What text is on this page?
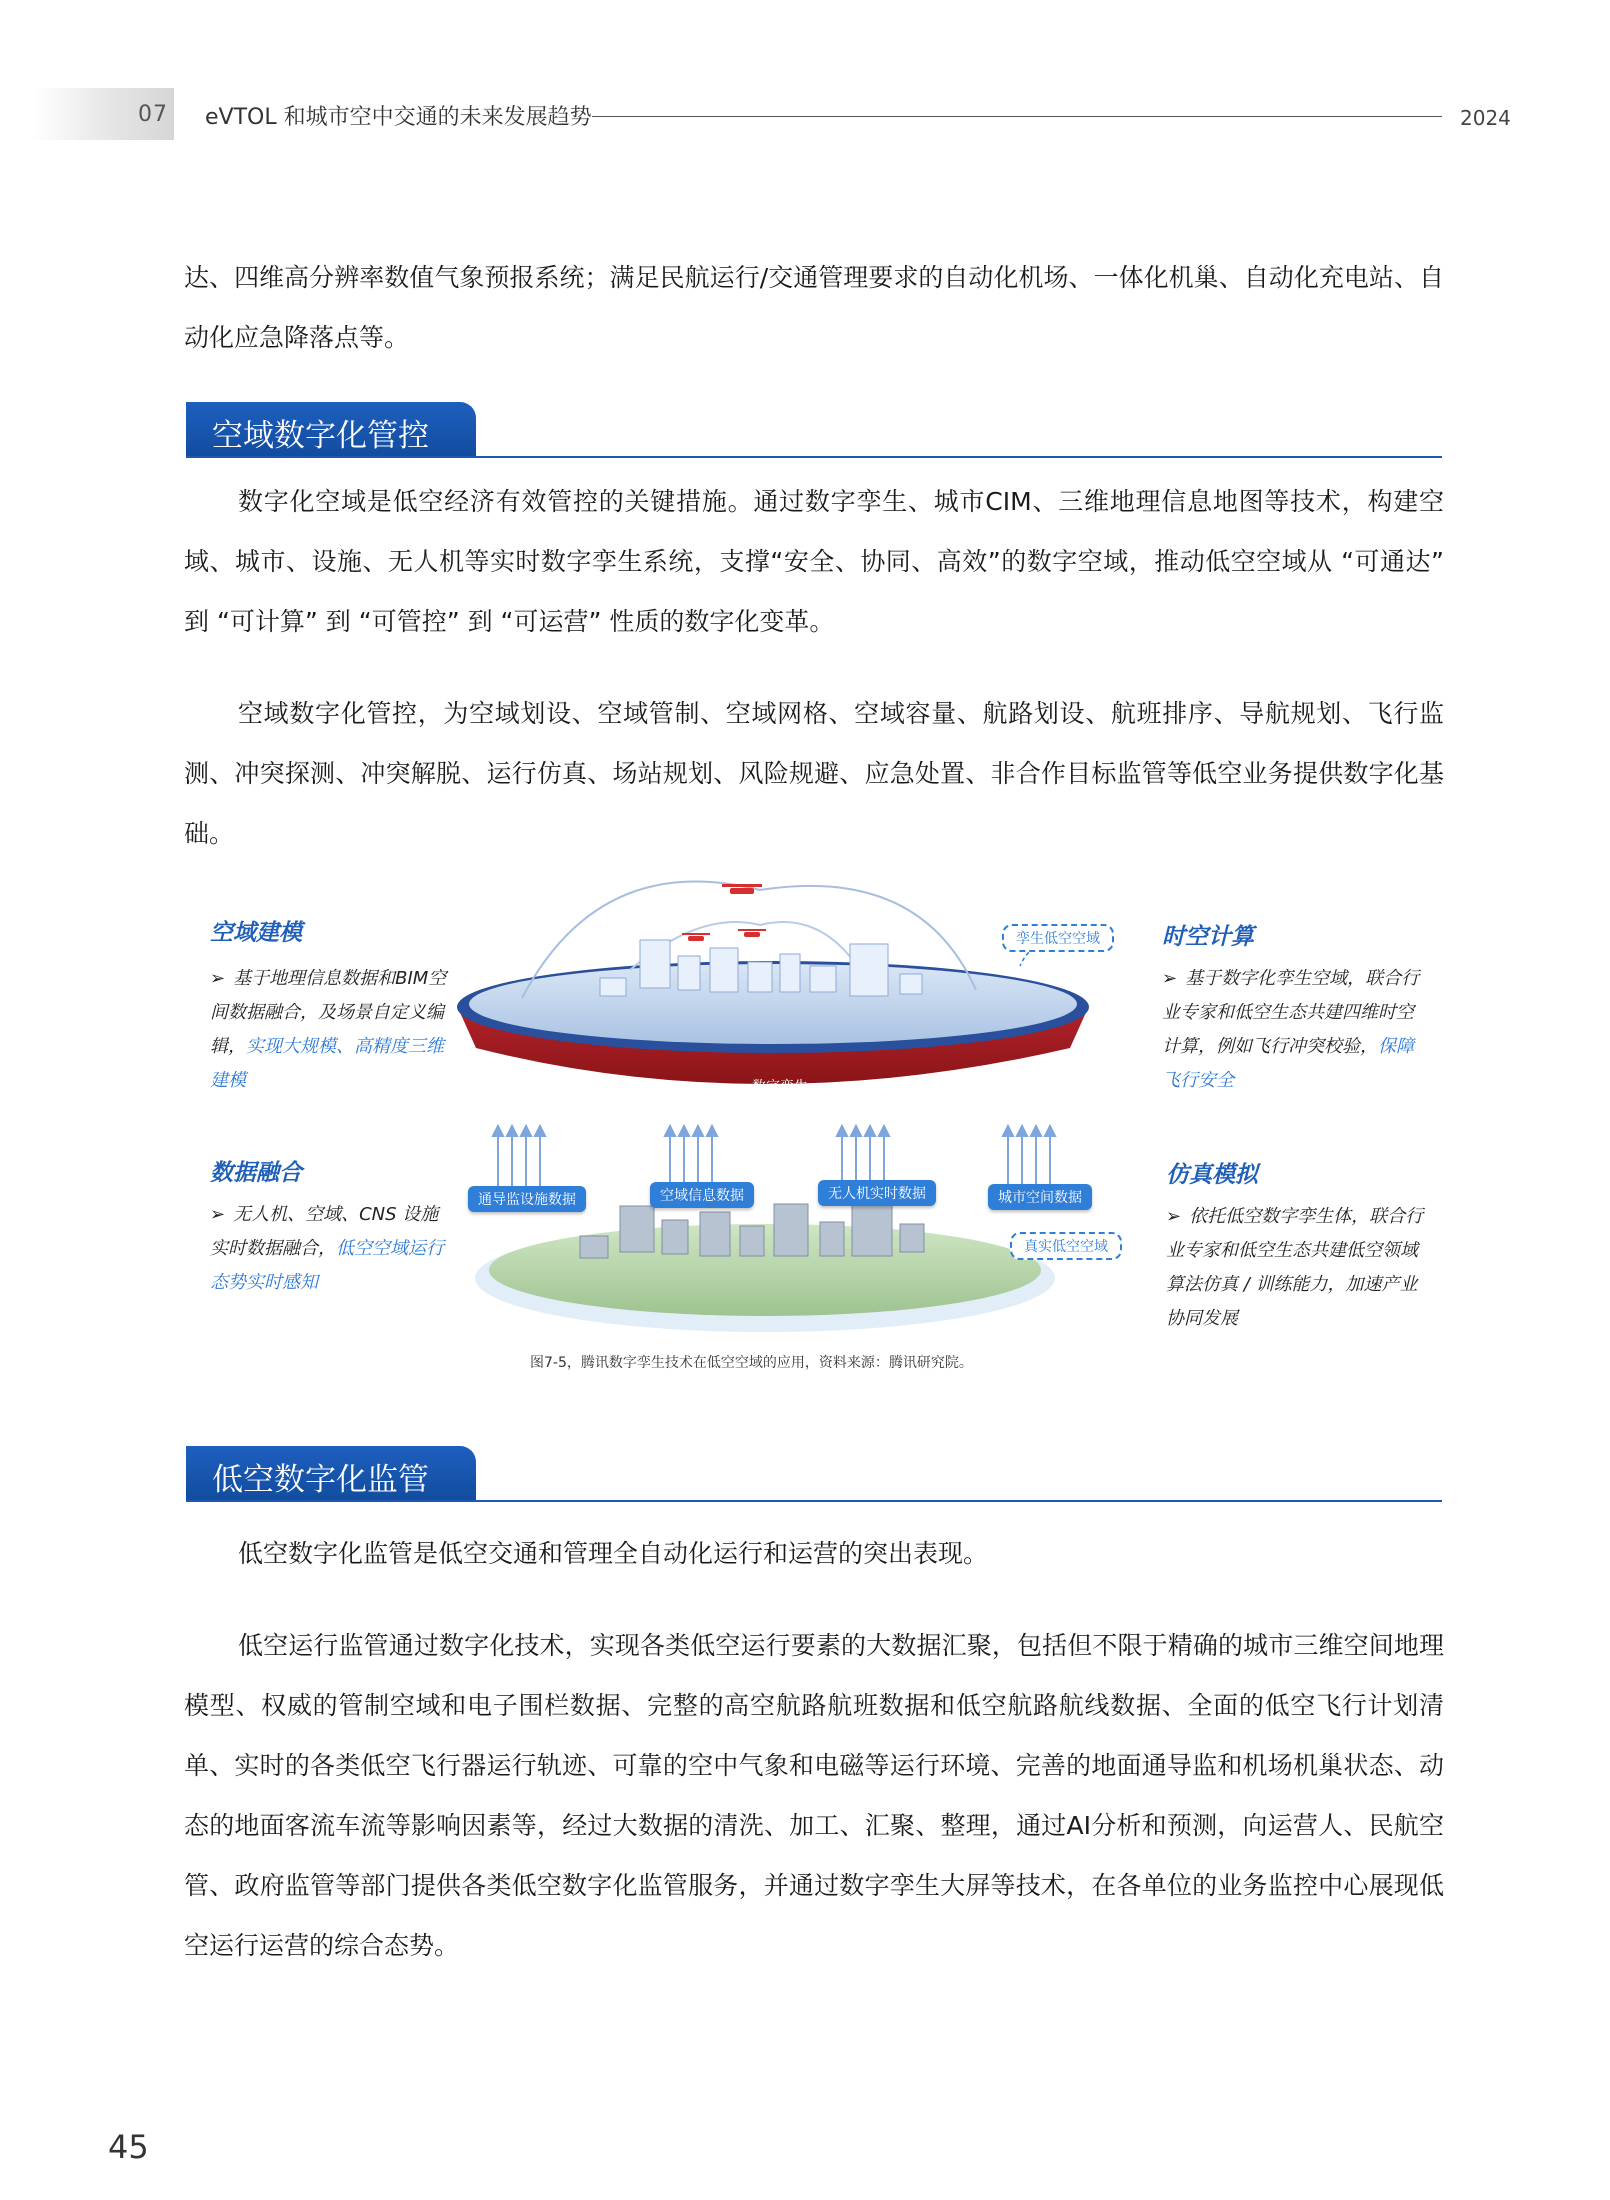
07 eVTOL 和城市空中交通的未来发展趋势	2024

达、四维高分辨率数值气象预报系统；满足民航运行/交通管理要求的自动化机场、一体化机巢、自动化充电站、自动化应急降落点等。

空域数字化管控

数字化空域是低空经济有效管控的关键措施。通过数字孪生、城市CIM、三维地理信息地图等技术，构建空域、城市、设施、无人机等实时数字孪生系统，支撑“安全、协同、高效”的数字空域，推动低空空域从 “可通达” 到 “可计算” 到 “可管控” 到 “可运营” 性质的数字化变革。

空域数字化管控，为空域划设、空域管制、空域网格、空域容量、航路划设、航班排序、导航规划、飞行监测、冲突探测、冲突解脱、运行仿真、场站规划、风险规避、应急处置、非合作目标监管等低空业务提供数字化基础。

空域建模
➢ 基于地理信息数据和BIM空间数据融合，及场景自定义编辑，实现大规模、高精度三维建模
时空计算
➢ 基于数字化孪生空域，联合行业专家和低空生态共建四维时空计算，例如飞行冲突校验，保障飞行安全
数据融合
➢ 无人机、空域、CNS 设施实时数据融合，低空空域运行态势实时感知
仿真模拟
➢ 依托低空数字孪生体，联合行业专家和低空生态共建低空领域算法仿真 / 训练能力，加速产业协同发展
孪生低空空域
数字孪生
真实低空空域
通导监设施数据	空域信息数据	无人机实时数据	城市空间数据
图7-5，腾讯数字孪生技术在低空空域的应用，资料来源：腾讯研究院。
低空数字化监管

低空数字化监管是低空交通和管理全自动化运行和运营的突出表现。

低空运行监管通过数字化技术，实现各类低空运行要素的大数据汇聚，包括但不限于精确的城市三维空间地理模型、权威的管制空域和电子围栏数据、完整的高空航路航班数据和低空航路航线数据、全面的低空飞行计划清单、实时的各类低空飞行器运行轨迹、可靠的空中气象和电磁等运行环境、完善的地面通导监和机场机巢状态、动态的地面客流车流等影响因素等，经过大数据的清洗、加工、汇聚、整理，通过AI分析和预测，向运营人、民航空管、政府监管等部门提供各类低空数字化监管服务，并通过数字孪生大屏等技术，在各单位的业务监控中心展现低空运行运营的综合态势。

45
